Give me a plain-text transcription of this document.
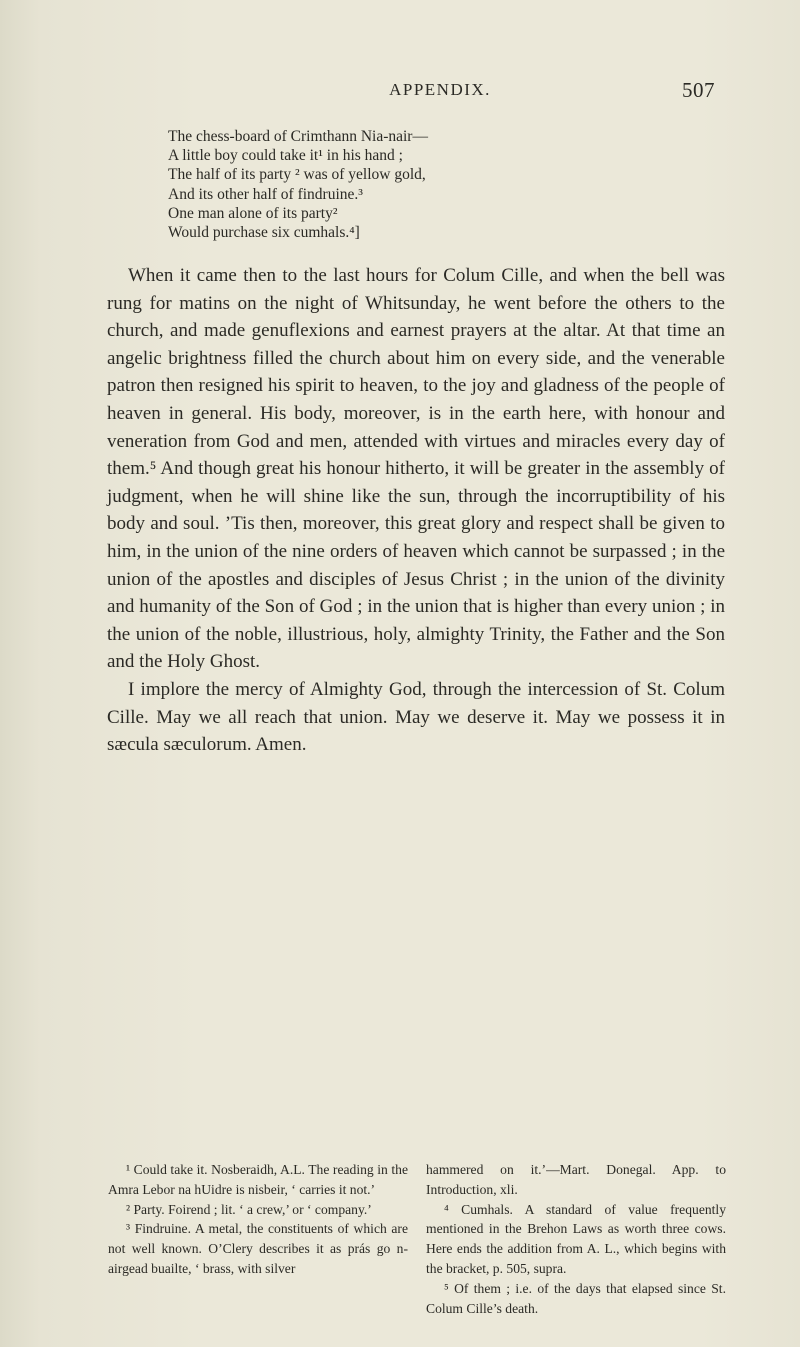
APPENDIX.	507
The chess-board of Crimthann Nia-nair—
A little boy could take it¹ in his hand ;
The half of its party ² was of yellow gold,
And its other half of findruine.³
One man alone of its party²
Would purchase six cumhals.⁴]

When it came then to the last hours for Colum Cille, and when the bell was rung for matins on the night of Whitsunday, he went before the others to the church, and made genuflexions and earnest prayers at the altar. At that time an angelic brightness filled the church about him on every side, and the venerable patron then resigned his spirit to heaven, to the joy and gladness of the people of heaven in general. His body, moreover, is in the earth here, with honour and veneration from God and men, attended with virtues and miracles every day of them.⁵ And though great his honour hitherto, it will be greater in the assembly of judgment, when he will shine like the sun, through the incorruptibility of his body and soul. ’Tis then, moreover, this great glory and respect shall be given to him, in the union of the nine orders of heaven which cannot be surpassed ; in the union of the apostles and disciples of Jesus Christ ; in the union of the divinity and humanity of the Son of God ; in the union that is higher than every union ; in the union of the noble, illustrious, holy, almighty Trinity, the Father and the Son and the Holy Ghost.

I implore the mercy of Almighty God, through the intercession of St. Colum Cille. May we all reach that union. May we deserve it. May we possess it in sæcula sæculorum. Amen.

¹ Could take it. Nosberaidh, A.L. The reading in the Amra Lebor na hUidre is nisbeir, ‘ carries it not.’

² Party. Foirend ; lit. ‘ a crew,’ or ‘ company.’

³ Findruine. A metal, the constituents of which are not well known. O’Clery describes it as prás go n-airgead buailte, ‘ brass, with silver

hammered on it.’—Mart. Donegal. App. to Introduction, xli.

⁴ Cumhals. A standard of value frequently mentioned in the Brehon Laws as worth three cows. Here ends the addition from A. L., which begins with the bracket, p. 505, supra.

⁵ Of them ; i.e. of the days that elapsed since St. Colum Cille’s death.
